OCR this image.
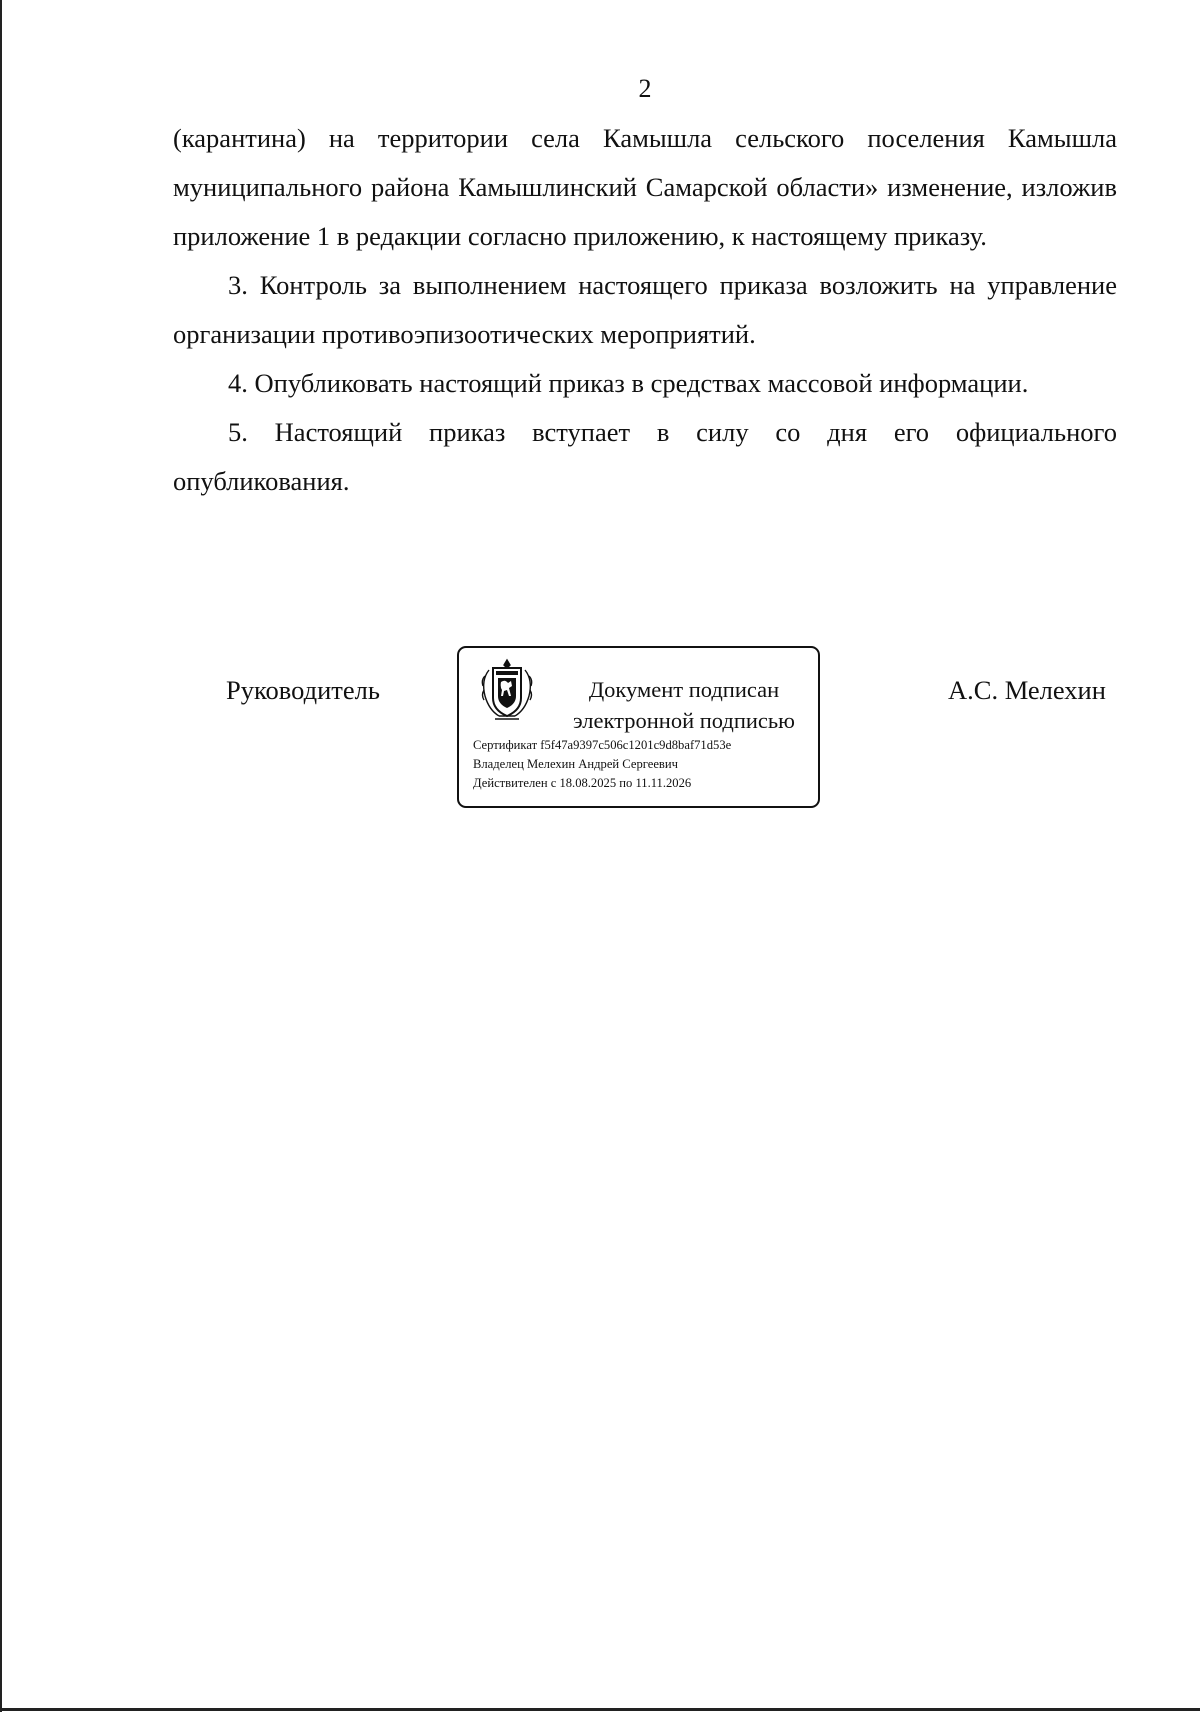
2

(карантина) на территории села Камышла сельского поселения Камышла муниципального района Камышлинский Самарской области» изменение, изложив приложение 1 в редакции согласно приложению, к настоящему приказу.

3. Контроль за выполнением настоящего приказа возложить на управление организации противоэпизоотических мероприятий.

4. Опубликовать настоящий приказ в средствах массовой информации.

5. Настоящий приказ вступает в силу со дня его официального опубликования.

Руководитель	Документ подписан
электронной подписью
Сертификат f5f47a9397c506c1201c9d8baf71d53e
Владелец Мелехин Андрей Сергеевич
Действителен с 18.08.2025 по 11.11.2026
А.С. Мелехин
